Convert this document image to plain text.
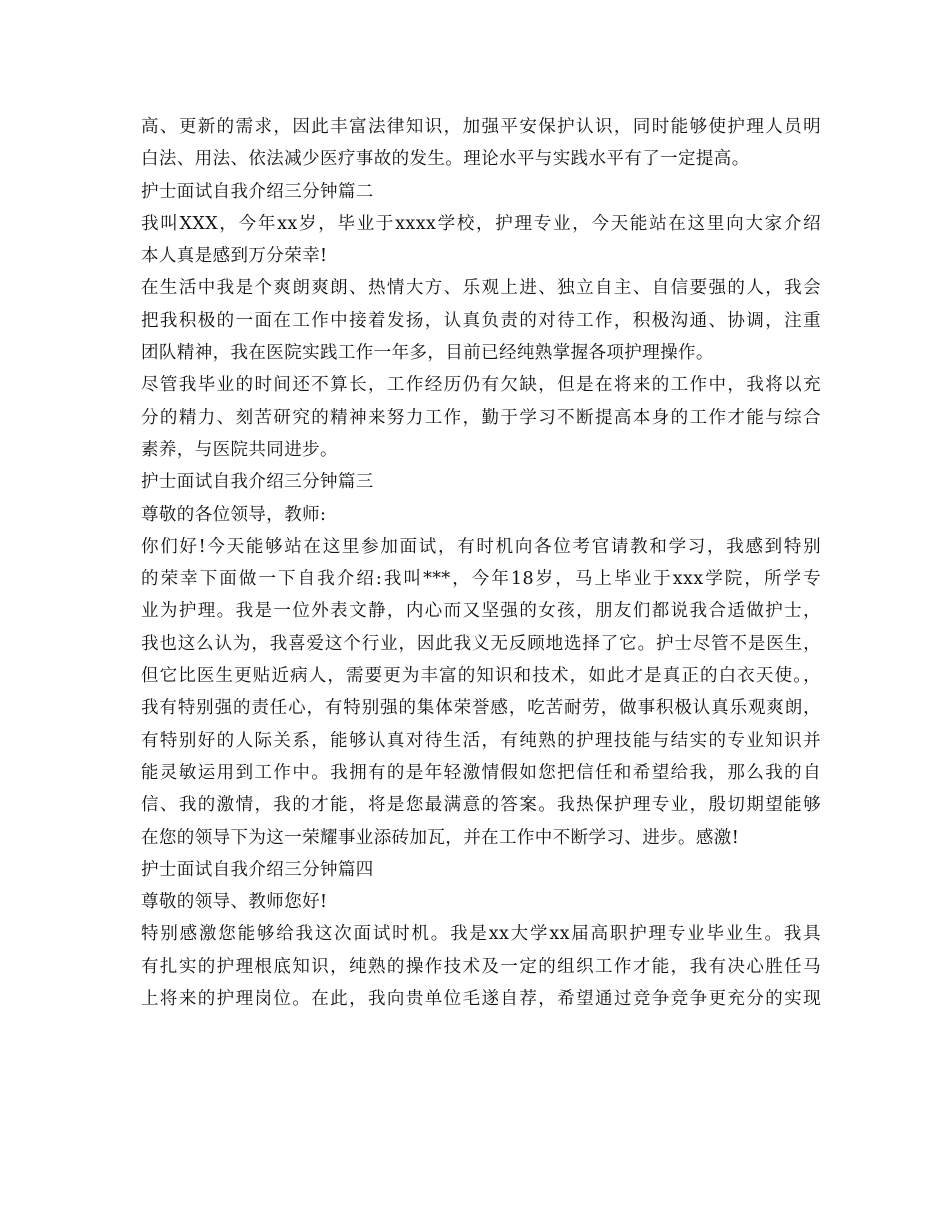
高、更新的需求，因此丰富法律知识，加强平安保护认识，同时能够使护理人员明
白法、用法、依法减少医疗事故的发生。理论水平与实践水平有了一定提高。
护士面试自我介绍三分钟篇二
我叫XXX，今年xx岁，毕业于xxxx学校，护理专业，今天能站在这里向大家介绍
本人真是感到万分荣幸!
在生活中我是个爽朗爽朗、热情大方、乐观上进、独立自主、自信要强的人，我会
把我积极的一面在工作中接着发扬，认真负责的对待工作，积极沟通、协调，注重
团队精神，我在医院实践工作一年多，目前已经纯熟掌握各项护理操作。
尽管我毕业的时间还不算长，工作经历仍有欠缺，但是在将来的工作中，我将以充
分的精力、刻苦研究的精神来努力工作，勤于学习不断提高本身的工作才能与综合
素养，与医院共同进步。
护士面试自我介绍三分钟篇三
尊敬的各位领导，教师:
你们好!今天能够站在这里参加面试，有时机向各位考官请教和学习，我感到特别
的荣幸下面做一下自我介绍:我叫***，今年18岁，马上毕业于xxx学院，所学专
业为护理。我是一位外表文静，内心而又坚强的女孩，朋友们都说我合适做护士，
我也这么认为，我喜爱这个行业，因此我义无反顾地选择了它。护士尽管不是医生，
但它比医生更贴近病人，需要更为丰富的知识和技术，如此才是真正的白衣天使。，
我有特别强的责任心，有特别强的集体荣誉感，吃苦耐劳，做事积极认真乐观爽朗，
有特别好的人际关系，能够认真对待生活，有纯熟的护理技能与结实的专业知识并
能灵敏运用到工作中。我拥有的是年轻激情假如您把信任和希望给我，那么我的自
信、我的激情，我的才能，将是您最满意的答案。我热保护理专业，殷切期望能够
在您的领导下为这一荣耀事业添砖加瓦，并在工作中不断学习、进步。感激!
护士面试自我介绍三分钟篇四
尊敬的领导、教师您好!
特别感激您能够给我这次面试时机。我是xx大学xx届高职护理专业毕业生。我具
有扎实的护理根底知识，纯熟的操作技术及一定的组织工作才能，我有决心胜任马
上将来的护理岗位。在此，我向贵单位毛遂自荐，希望通过竞争竞争更充分的实现
